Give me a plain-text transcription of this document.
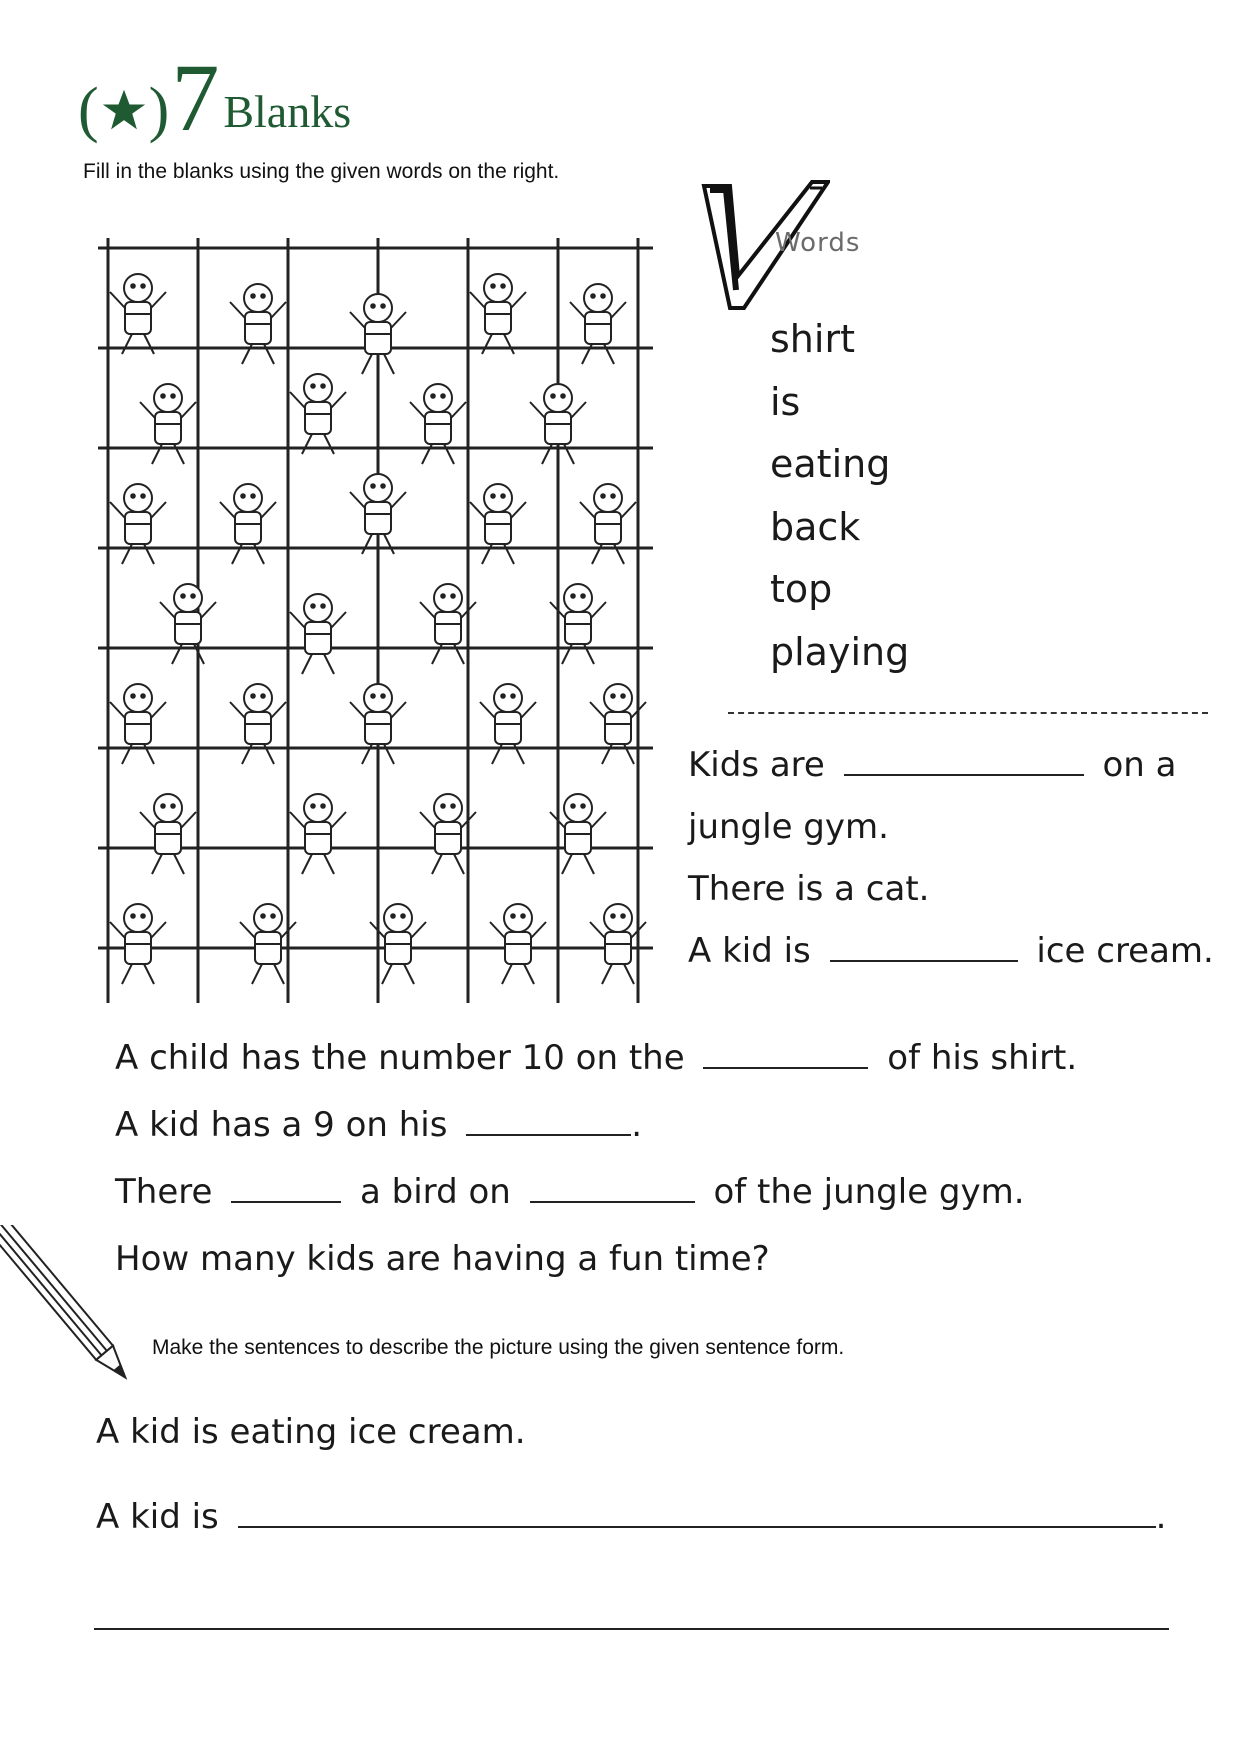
( ) 7 Blanks
Fill in the blanks using the given words on the right.
Words
shirt
is
eating
back
top
playing
Kids are	on a
jungle gym.
There is a cat.
A kid is	ice cream.
A child has the number 10 on the	of his shirt.
A kid has a 9 on his	.
There	a bird on	of the jungle gym.
How many kids are having a fun time?
Make the sentences to describe the picture using the given sentence form.
A kid is eating ice cream.
A kid is	.
